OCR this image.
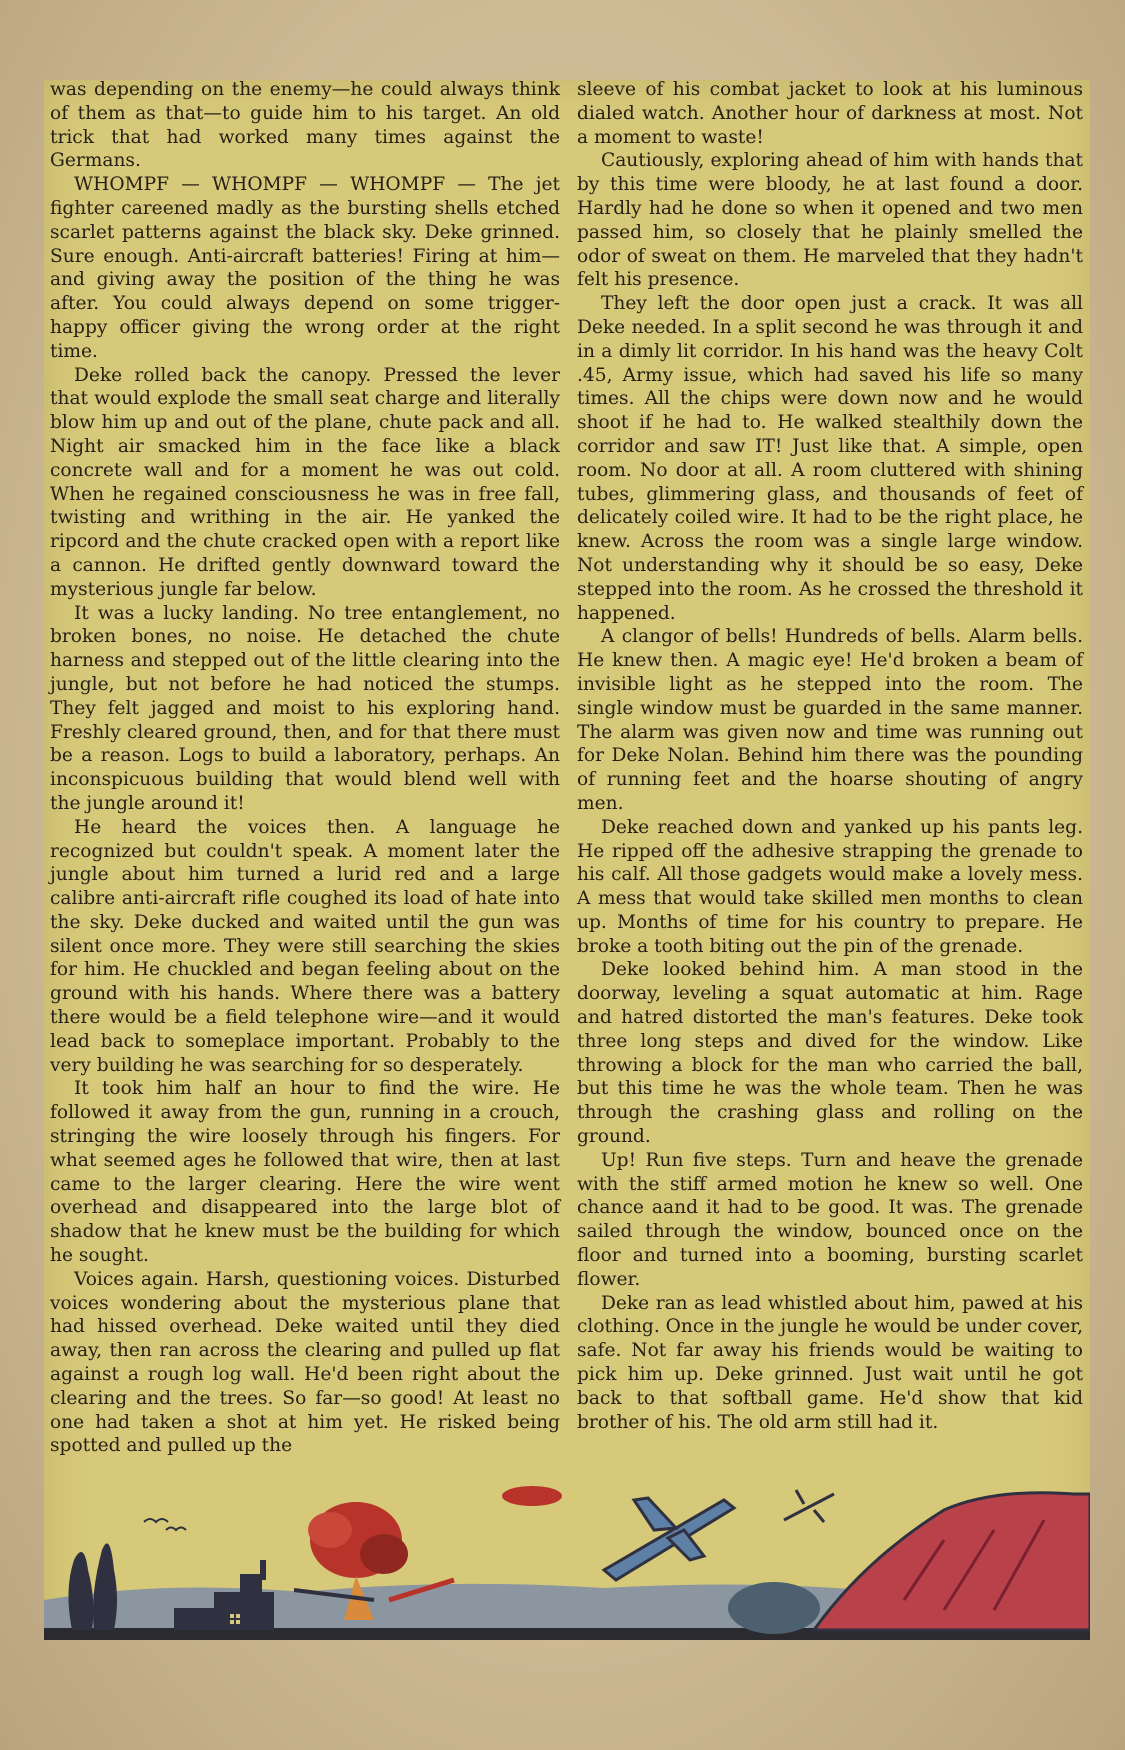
was depending on the enemy—he could always think of them as that—to guide him to his target. An old trick that had worked many times against the Germans.

WHOMPF — WHOMPF — WHOMPF — The jet fighter careened madly as the bursting shells etched scarlet patterns against the black sky. Deke grinned. Sure enough. Anti-aircraft batteries! Firing at him—and giving away the position of the thing he was after. You could always depend on some trigger-happy officer giving the wrong order at the right time.

Deke rolled back the canopy. Pressed the lever that would explode the small seat charge and literally blow him up and out of the plane, chute pack and all. Night air smacked him in the face like a black concrete wall and for a moment he was out cold. When he regained consciousness he was in free fall, twisting and writhing in the air. He yanked the ripcord and the chute cracked open with a report like a cannon. He drifted gently downward toward the mysterious jungle far below.

It was a lucky landing. No tree entanglement, no broken bones, no noise. He detached the chute harness and stepped out of the little clearing into the jungle, but not before he had noticed the stumps. They felt jagged and moist to his exploring hand. Freshly cleared ground, then, and for that there must be a reason. Logs to build a laboratory, perhaps. An inconspicuous building that would blend well with the jungle around it!

He heard the voices then. A language he recognized but couldn't speak. A moment later the jungle about him turned a lurid red and a large calibre anti-aircraft rifle coughed its load of hate into the sky. Deke ducked and waited until the gun was silent once more. They were still searching the skies for him. He chuckled and began feeling about on the ground with his hands. Where there was a battery there would be a field telephone wire—and it would lead back to someplace important. Probably to the very building he was searching for so desperately.

It took him half an hour to find the wire. He followed it away from the gun, running in a crouch, stringing the wire loosely through his fingers. For what seemed ages he followed that wire, then at last came to the larger clearing. Here the wire went overhead and disappeared into the large blot of shadow that he knew must be the building for which he sought.

Voices again. Harsh, questioning voices. Disturbed voices wondering about the mysterious plane that had hissed overhead. Deke waited until they died away, then ran across the clearing and pulled up flat against a rough log wall. He'd been right about the clearing and the trees. So far—so good! At least no one had taken a shot at him yet. He risked being spotted and pulled up the

sleeve of his combat jacket to look at his luminous dialed watch. Another hour of darkness at most. Not a moment to waste!

Cautiously, exploring ahead of him with hands that by this time were bloody, he at last found a door. Hardly had he done so when it opened and two men passed him, so closely that he plainly smelled the odor of sweat on them. He marveled that they hadn't felt his presence.

They left the door open just a crack. It was all Deke needed. In a split second he was through it and in a dimly lit corridor. In his hand was the heavy Colt .45, Army issue, which had saved his life so many times. All the chips were down now and he would shoot if he had to. He walked stealthily down the corridor and saw IT! Just like that. A simple, open room. No door at all. A room cluttered with shining tubes, glimmering glass, and thousands of feet of delicately coiled wire. It had to be the right place, he knew. Across the room was a single large window. Not understanding why it should be so easy, Deke stepped into the room. As he crossed the threshold it happened.

A clangor of bells! Hundreds of bells. Alarm bells. He knew then. A magic eye! He'd broken a beam of invisible light as he stepped into the room. The single window must be guarded in the same manner. The alarm was given now and time was running out for Deke Nolan. Behind him there was the pounding of running feet and the hoarse shouting of angry men.

Deke reached down and yanked up his pants leg. He ripped off the adhesive strapping the grenade to his calf. All those gadgets would make a lovely mess. A mess that would take skilled men months to clean up. Months of time for his country to prepare. He broke a tooth biting out the pin of the grenade.

Deke looked behind him. A man stood in the doorway, leveling a squat automatic at him. Rage and hatred distorted the man's features. Deke took three long steps and dived for the window. Like throwing a block for the man who carried the ball, but this time he was the whole team. Then he was through the crashing glass and rolling on the ground.

Up! Run five steps. Turn and heave the grenade with the stiff armed motion he knew so well. One chance aand it had to be good. It was. The grenade sailed through the window, bounced once on the floor and turned into a booming, bursting scarlet flower.

Deke ran as lead whistled about him, pawed at his clothing. Once in the jungle he would be under cover, safe. Not far away his friends would be waiting to pick him up. Deke grinned. Just wait until he got back to that softball game. He'd show that kid brother of his. The old arm still had it.
